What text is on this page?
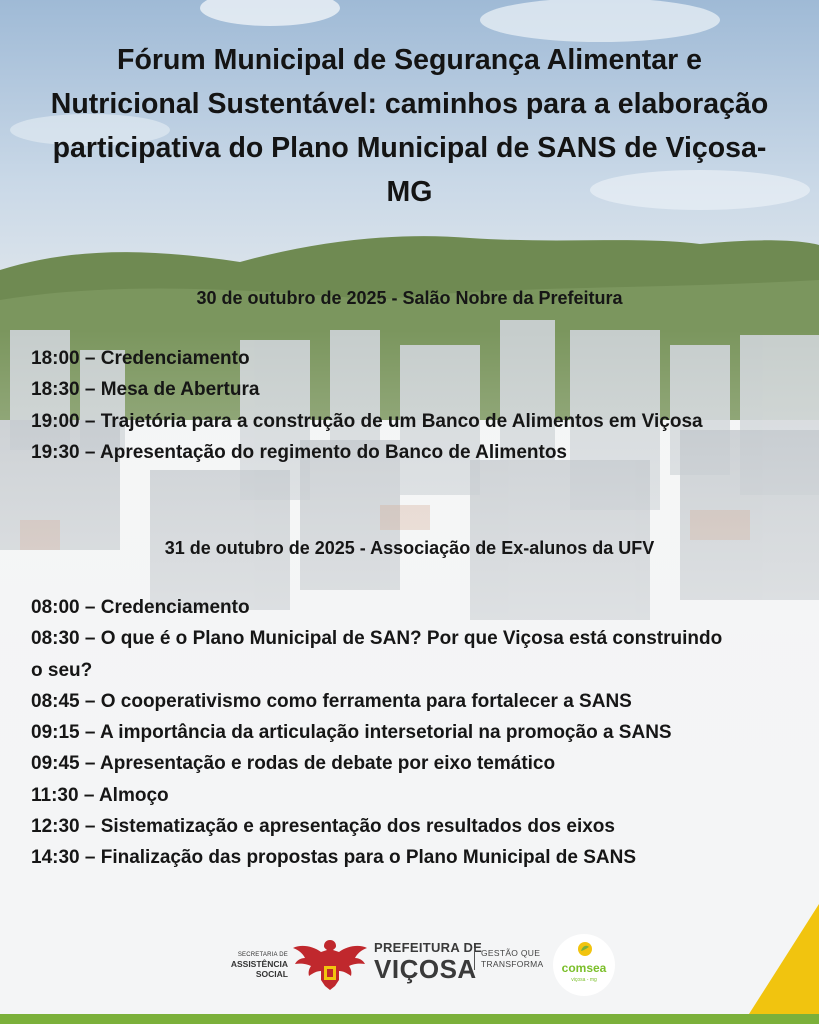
Fórum Municipal de Segurança Alimentar e Nutricional Sustentável: caminhos para a elaboração participativa do Plano Municipal de SANS de Viçosa-MG
30 de outubro de 2025 - Salão Nobre da Prefeitura
18:00 – Credenciamento
18:30 – Mesa de Abertura
19:00 – Trajetória para a construção de um Banco de Alimentos em Viçosa
19:30 – Apresentação do regimento do Banco de Alimentos
31 de outubro de 2025 - Associação de Ex-alunos da UFV
08:00 – Credenciamento
08:30 – O que é o Plano Municipal de SAN? Por que Viçosa está construindo o seu?
08:45 – O cooperativismo como ferramenta para fortalecer a SANS
09:15 – A importância da articulação intersetorial na promoção a SANS
09:45 – Apresentação e rodas de debate por eixo temático
11:30 – Almoço
12:30 – Sistematização e apresentação dos resultados dos eixos
14:30 – Finalização das propostas para o Plano Municipal de SANS
SECRETARIA DE
ASSISTÊNCIA SOCIAL
PREFEITURA DE
VIÇOSA
GESTÃO QUE
TRANSFORMA	comsea
viçosa - mg
